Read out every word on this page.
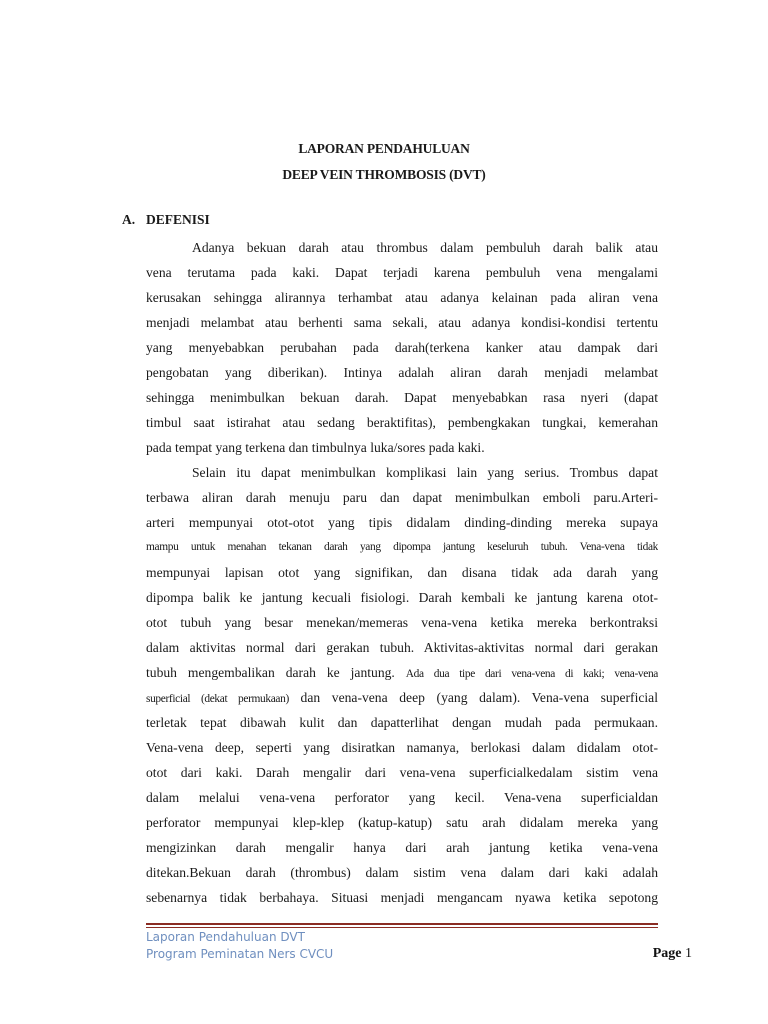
LAPORAN PENDAHULUAN
DEEP VEIN THROMBOSIS (DVT)
A. DEFENISI
Adanya bekuan darah atau thrombus dalam pembuluh darah balik atau
vena terutama pada kaki. Dapat terjadi karena pembuluh vena mengalami
kerusakan sehingga alirannya terhambat atau adanya kelainan pada aliran vena
menjadi melambat atau berhenti sama sekali, atau adanya kondisi-kondisi tertentu
yang menyebabkan perubahan pada darah(terkena kanker atau dampak dari
pengobatan yang diberikan). Intinya adalah aliran darah menjadi melambat
sehingga menimbulkan bekuan darah. Dapat menyebabkan rasa nyeri (dapat
timbul saat istirahat atau sedang beraktifitas), pembengkakan tungkai, kemerahan
pada tempat yang terkena dan timbulnya luka/sores pada kaki.
Selain itu dapat menimbulkan komplikasi lain yang serius. Trombus dapat
terbawa aliran darah menuju paru dan dapat menimbulkan emboli paru.Arteri-
arteri mempunyai otot-otot yang tipis didalam dinding-dinding mereka supaya
mampu untuk menahan tekanan darah yang dipompa jantung keseluruh tubuh. Vena-vena tidak
mempunyai lapisan otot yang signifikan, dan disana tidak ada darah yang
dipompa balik ke jantung kecuali fisiologi. Darah kembali ke jantung karena otot-
otot tubuh yang besar menekan/memeras vena-vena ketika mereka berkontraksi
dalam aktivitas normal dari gerakan tubuh. Aktivitas-aktivitas normal dari gerakan
tubuh mengembalikan darah ke jantung. Ada dua tipe dari vena-vena di kaki; vena-vena
superficial (dekat permukaan) dan vena-vena deep (yang dalam). Vena-vena superficial
terletak tepat dibawah kulit dan dapatterlihat dengan mudah pada permukaan.
Vena-vena deep, seperti yang disiratkan namanya, berlokasi dalam didalam otot-
otot dari kaki. Darah mengalir dari vena-vena superficialkedalam sistim vena
dalam melalui vena-vena perforator yang kecil. Vena-vena superficialdan
perforator mempunyai klep-klep (katup-katup) satu arah didalam mereka yang
mengizinkan darah mengalir hanya dari arah jantung ketika vena-vena
ditekan.Bekuan darah (thrombus) dalam sistim vena dalam dari kaki adalah
sebenarnya tidak berbahaya. Situasi menjadi mengancam nyawa ketika sepotong
Laporan Pendahuluan DVT
Program Peminatan Ners CVCU	Page 1
